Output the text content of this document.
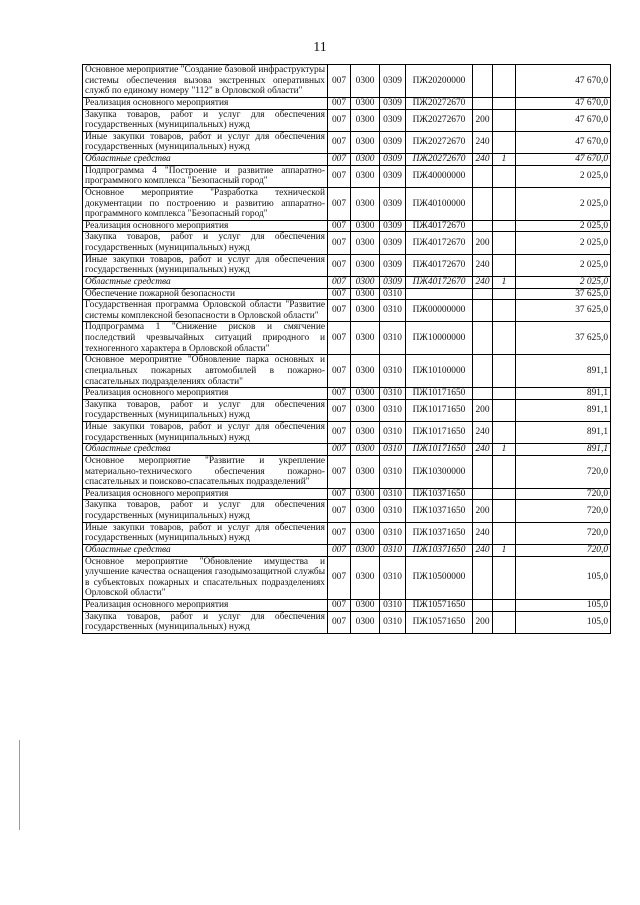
11
Основное мероприятие "Создание базовой инфраструктуры системы обеспечения вызова экстренных оперативных служб по единому номеру "112" в Орловской области"	007	0300	0309	ПЖ20200000			47 670,0
Реализация основного мероприятия	007	0300	0309	ПЖ20272670			47 670,0
Закупка товаров, работ и услуг для обеспечения государственных (муниципальных) нужд	007	0300	0309	ПЖ20272670	200		47 670,0
Иные закупки товаров, работ и услуг для обеспечения государственных (муниципальных) нужд	007	0300	0309	ПЖ20272670	240		47 670,0
Областные средства	007	0300	0309	ПЖ20272670	240	1	47 670,0
Подпрограмма 4 "Построение и развитие аппаратно-программного комплекса "Безопасный город"	007	0300	0309	ПЖ40000000			2 025,0
Основное мероприятие "Разработка технической документации по построению и развитию аппаратно-программного комплекса "Безопасный город"	007	0300	0309	ПЖ40100000			2 025,0
Реализация основного мероприятия	007	0300	0309	ПЖ40172670			2 025,0
Закупка товаров, работ и услуг для обеспечения государственных (муниципальных) нужд	007	0300	0309	ПЖ40172670	200		2 025,0
Иные закупки товаров, работ и услуг для обеспечения государственных (муниципальных) нужд	007	0300	0309	ПЖ40172670	240		2 025,0
Областные средства	007	0300	0309	ПЖ40172670	240	1	2 025,0
Обеспечение пожарной безопасности	007	0300	0310				37 625,0
Государственная программа Орловской области "Развитие системы комплексной безопасности в Орловской области"	007	0300	0310	ПЖ00000000			37 625,0
Подпрограмма 1 "Снижение рисков и смягчение последствий чрезвычайных ситуаций природного и техногенного характера в Орловской области"	007	0300	0310	ПЖ10000000			37 625,0
Основное мероприятие "Обновление парка основных и специальных пожарных автомобилей в пожарно-спасательных подразделениях области"	007	0300	0310	ПЖ10100000			891,1
Реализация основного мероприятия	007	0300	0310	ПЖ10171650			891,1
Закупка товаров, работ и услуг для обеспечения государственных (муниципальных) нужд	007	0300	0310	ПЖ10171650	200		891,1
Иные закупки товаров, работ и услуг для обеспечения государственных (муниципальных) нужд	007	0300	0310	ПЖ10171650	240		891,1
Областные средства	007	0300	0310	ПЖ10171650	240	1	891,1
Основное мероприятие "Развитие и укрепление материально-технического обеспечения пожарно-спасательных и поисково-спасательных подразделений"	007	0300	0310	ПЖ10300000			720,0
Реализация основного мероприятия	007	0300	0310	ПЖ10371650			720,0
Закупка товаров, работ и услуг для обеспечения государственных (муниципальных) нужд	007	0300	0310	ПЖ10371650	200		720,0
Иные закупки товаров, работ и услуг для обеспечения государственных (муниципальных) нужд	007	0300	0310	ПЖ10371650	240		720,0
Областные средства	007	0300	0310	ПЖ10371650	240	1	720,0
Основное мероприятие "Обновление имущества и улучшение качества оснащения газодымозащитной службы в субъектовых пожарных и спасательных подразделениях Орловской области"	007	0300	0310	ПЖ10500000			105,0
Реализация основного мероприятия	007	0300	0310	ПЖ10571650			105,0
Закупка товаров, работ и услуг для обеспечения государственных (муниципальных) нужд	007	0300	0310	ПЖ10571650	200		105,0
